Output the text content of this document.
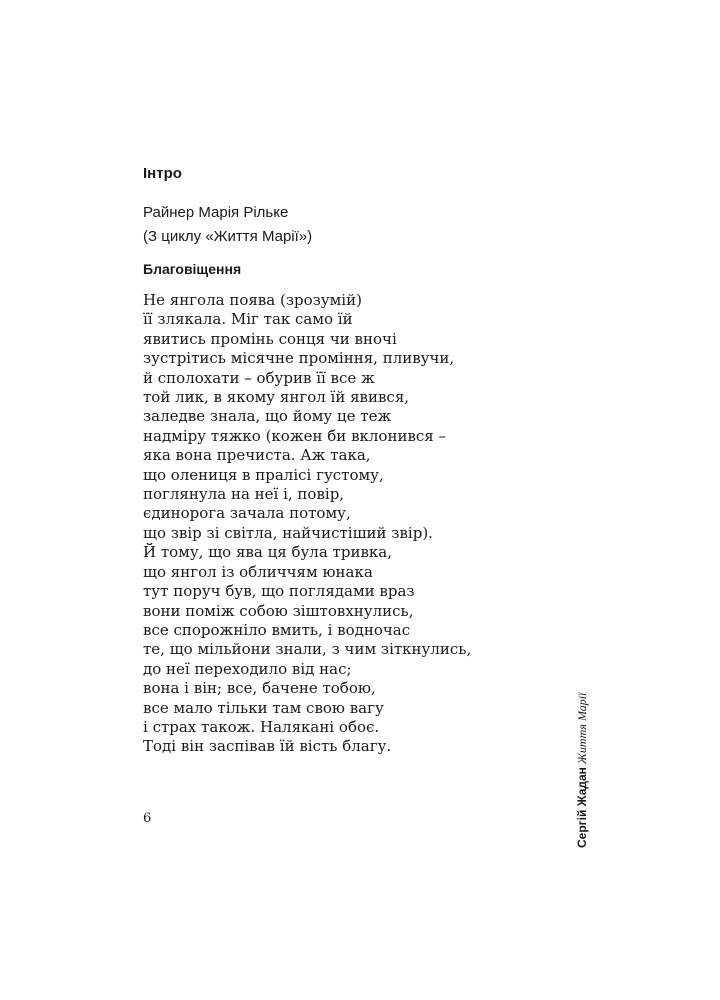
Інтро
Райнер Марія Рільке
(З циклу «Життя Марії»)
Благовіщення
Не янгола поява (зрозумій)
її злякала. Міг так само їй
явитись промінь сонця чи вночі
зустрітись місячне проміння, пливучи,
й сполохати – обурив її все ж
той лик, в якому янгол їй явився,
заледве знала, що йому це теж
надміру тяжко (кожен би вклонився –
яка вона пречиста. Аж така,
що олениця в пралісі густому,
поглянула на неї і, повір,
єдинорога зачала потому,
що звір зі світла, найчистіший звір).
Й тому, що ява ця була тривка,
що янгол із обличчям юнака
тут поруч був, що поглядами враз
вони поміж собою зіштовхнулись,
все спорожніло вмить, і водночас
те, що мільйони знали, з чим зіткнулись,
до неї переходило від нас;
вона і він; все, бачене тобою,
все мало тільки там свою вагу
і страх також. Налякані обоє.
Тоді він заспівав їй вість благу.
6	Сергій Жадан Життя Марії
